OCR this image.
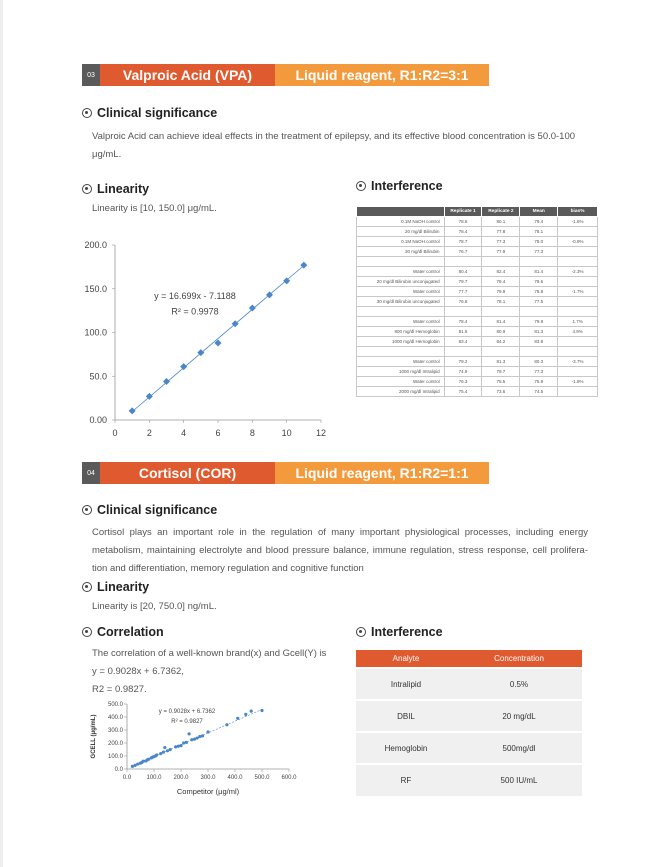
03	Valproic Acid (VPA)	Liquid reagent, R1:R2=3:1
Clinical significance
Valproic Acid can achieve ideal effects in the treatment of epilepsy, and its effective blood concentration is 50.0-100 μg/mL.
Linearity
Linearity is [10, 150.0] μg/mL.
0	2	4	6	8	10	12
0.00
50.0
100.0
150.0
200.0
y = 16.699x - 7.1188
R² = 0.9978
Interference
	Replicate 1	Replicate 2	Mean	bias%
0.1M NaOH control	78.6	80.1	79.4	-1.6%
20 mg/dl Bilirubin	78.4	77.8	78.1	
0.1M NaOH control	78.7	77.3	78.0	-0.9%
30 mg/dl Bilirubin	76.7	77.9	77.3	

Water control	80.4	82.4	81.4	-2.3%
20 mg/dl Bilirubin unconjugated	79.7	79.4	79.6	
Water control	77.7	79.9	78.8	-1.7%
30 mg/dl Bilirubin unconjugated	76.8	78.1	77.5	

Water control	78.4	81.4	79.9	1.7%
800 mg/dl Hemoglobin	81.6	80.9	81.3	4.9%
1000 mg/dl Hemoglobin	83.4	84.2	83.8	

Water control	79.2	81.3	80.3	-3.7%
1000 mg/dl Intralipid	74.9	79.7	77.3	
Water control	76.3	75.5	75.9	-1.8%
2000 mg/dl Intralipid	75.4	73.6	74.5	
04	Cortisol (COR)	Liquid reagent, R1:R2=1:1
Clinical significance
Cortisol plays an important role in the regulation of many important physiological processes, including energy metabolism, maintaining electrolyte and blood pressure balance, immune regulation, stress response, cell prolifera-tion and differentiation, memory regulation and cognitive function
Linearity
Linearity is [20, 750.0] ng/mL.
Correlation
The correlation of a well-known brand(x) and Gcell(Y) is
y = 0.9028x + 6.7362,
R2 = 0.9827.
0.0	100.0 200.0 300.0 400.0 500.0 600.0
0.0
100.0
200.0
300.0
400.0
500.0
y = 0.9028x + 6.7362
R² = 0.9827
Competitor (μg/ml)
GCELL (μg/mL)
Interference
Analyte	Concentration
Intralipid	0.5%
DBIL	20 mg/dL
Hemoglobin	500mg/dl
RF	500 IU/mL
